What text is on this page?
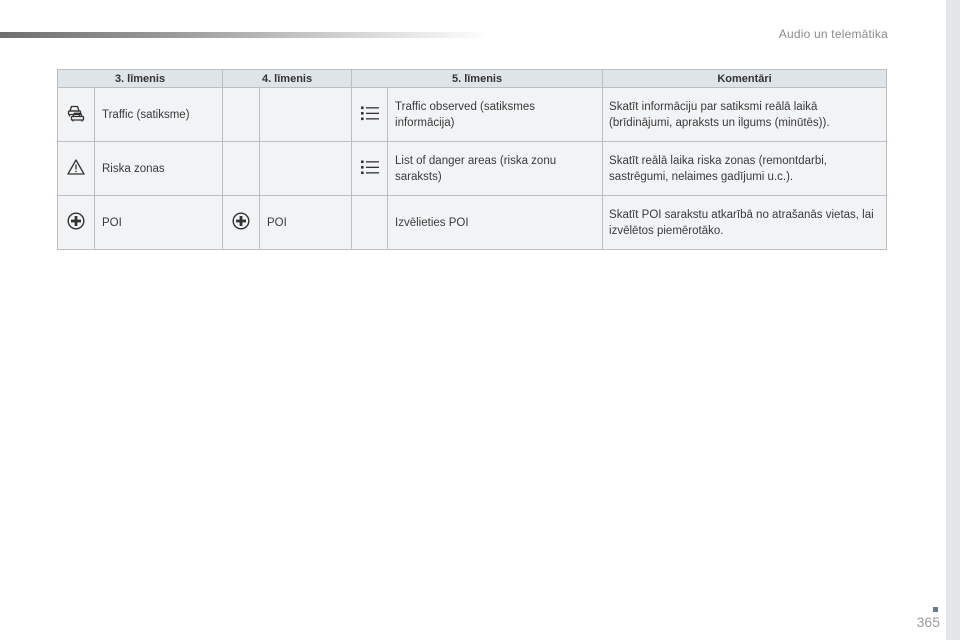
Audio un telemātika
3. līmenis		4. līmenis		5. līmenis		Komentāri
	Traffic (satiksme)				Traffic observed (satiksmes informācija)	Skatīt informāciju par satiksmi reālā laikā (brīdinājumi, apraksts un ilgums (minūtēs)).
	Riska zonas				List of danger areas (riska zonu saraksts)	Skatīt reālā laika riska zonas (remontdarbi, sastrēgumi, nelaimes gadījumi u.c.).
	POI		POI		Izvēlieties POI	Skatīt POI sarakstu atkarībā no atrašanās vietas, lai izvēlētos piemērotāko.
365
